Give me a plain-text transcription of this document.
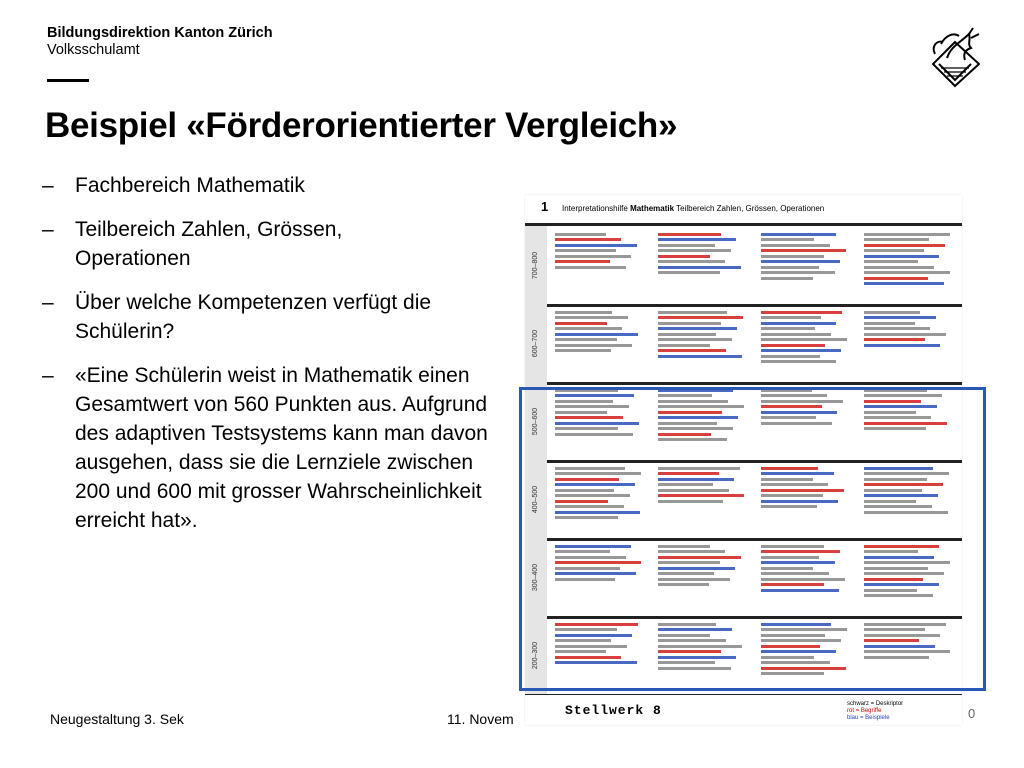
Bildungsdirektion Kanton Zürich
Volksschulamt
Beispiel «Förderorientierter Vergleich»
– Fachbereich Mathematik
– Teilbereich Zahlen, Grössen, Operationen
– Über welche Kompetenzen verfügt die Schülerin?
– «Eine Schülerin weist in Mathematik einen Gesamtwert von 560 Punkten aus. Aufgrund des adaptiven Testsystems kann man davon ausgehen, dass sie die Lernziele zwischen 200 und 600 mit grosser Wahrscheinlichkeit erreicht hat».
1 Interpretationshilfe Mathematik Teilbereich Zahlen, Grössen, Operationen
700–800
600–700
500–600
400–500
300–400
200–300
Stellwerk 8	schwarz = Deskriptor
rot = Begriffe
blau = Beispiele
Neugestaltung 3. Sek	11. Novem	0
